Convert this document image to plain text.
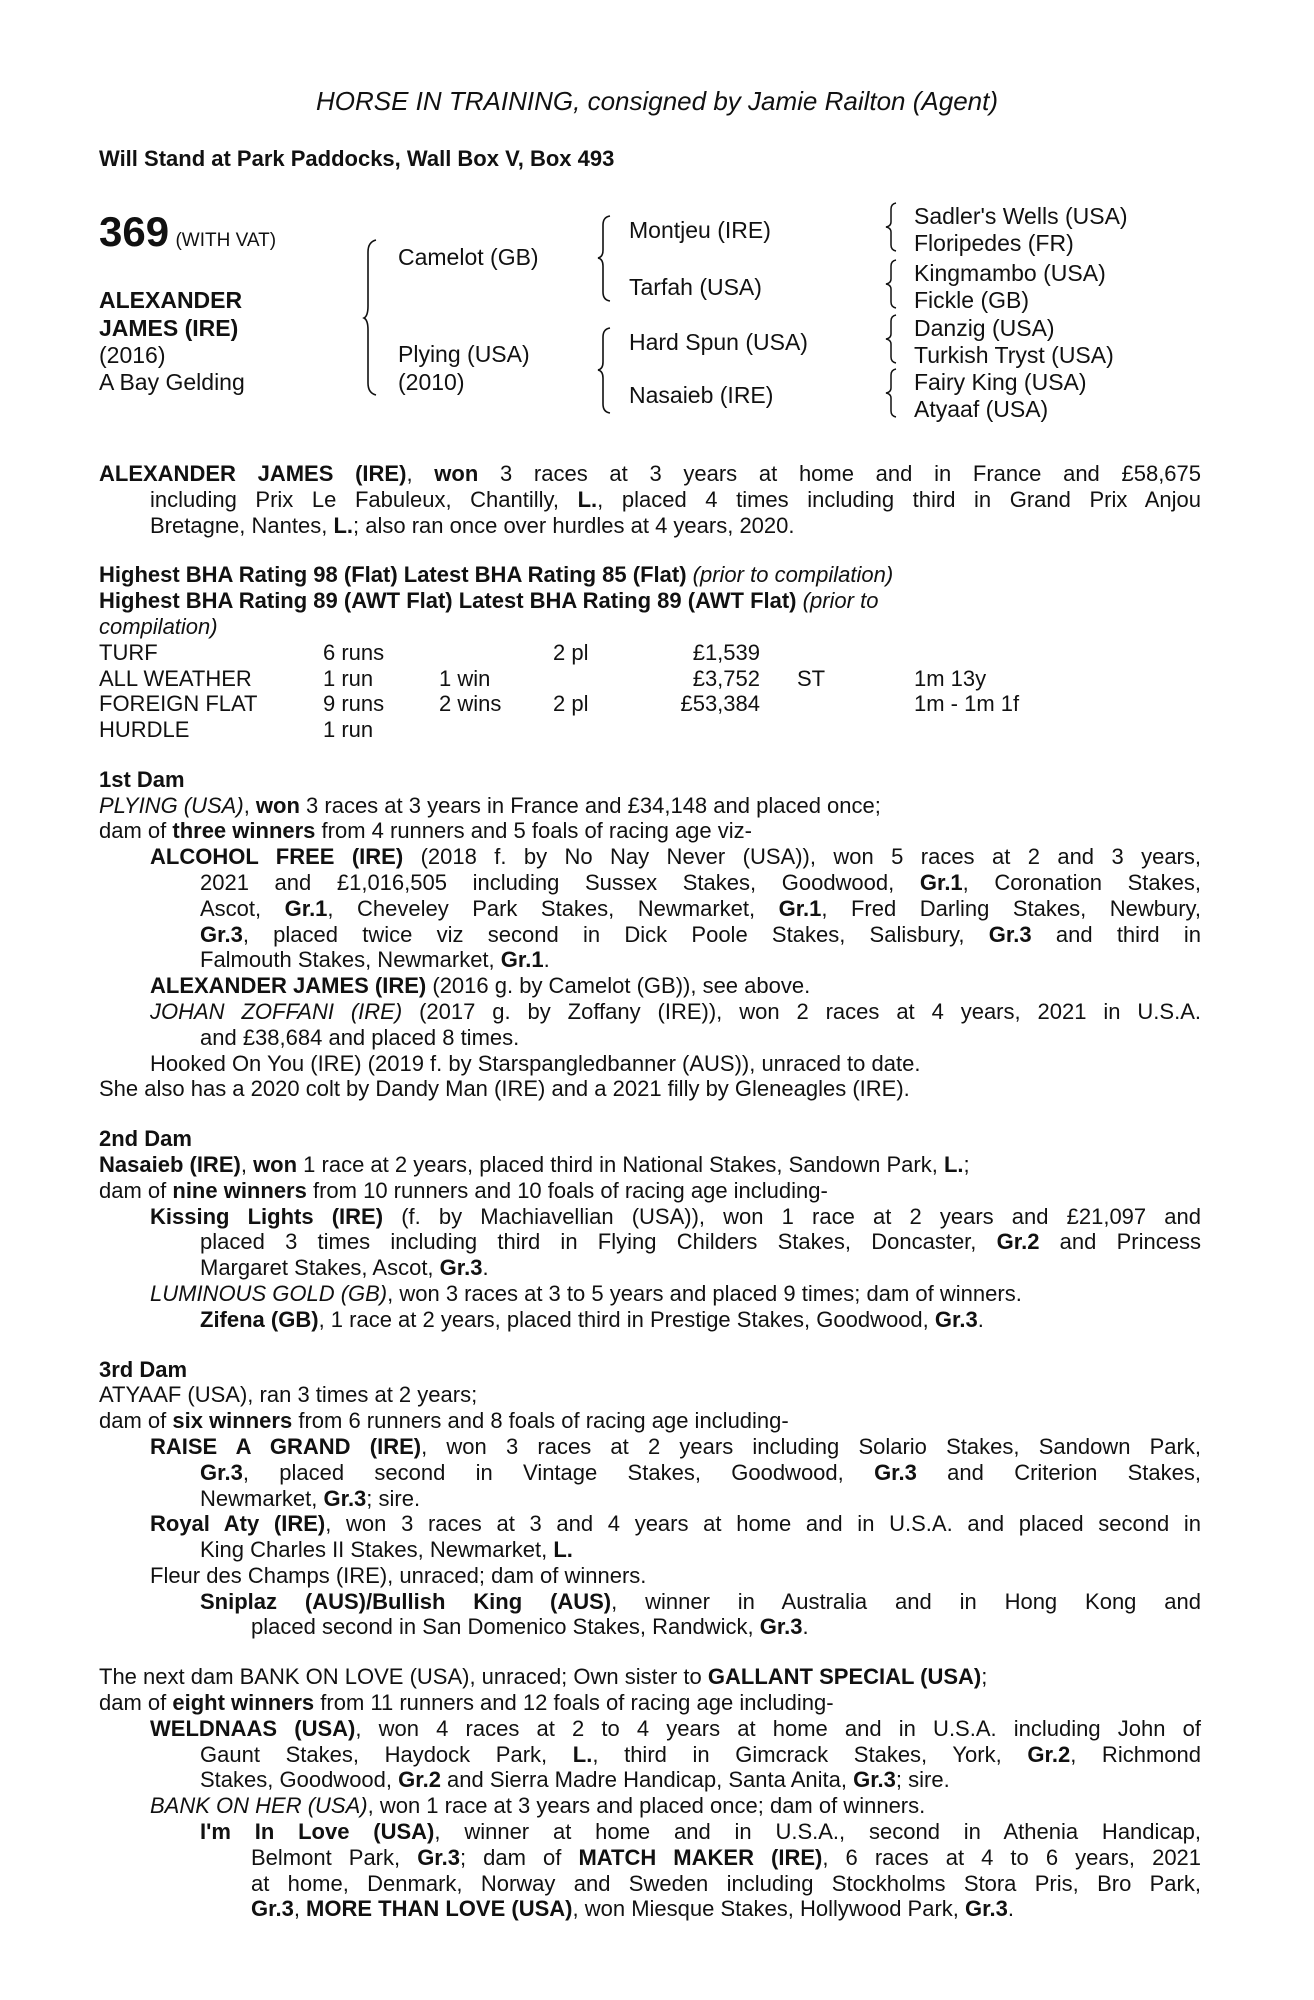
HORSE IN TRAINING, consigned by Jamie Railton (Agent)
Will Stand at Park Paddocks, Wall Box V, Box 493
369 (WITH VAT)
ALEXANDER
JAMES (IRE)
(2016)
A Bay Gelding
Camelot (GB)
Plying (USA)
(2010)
Montjeu (IRE)
Tarfah (USA)
Hard Spun (USA)
Nasaieb (IRE)
Sadler's Wells (USA)
Floripedes (FR)
Kingmambo (USA)
Fickle (GB)
Danzig (USA)
Turkish Tryst (USA)
Fairy King (USA)
Atyaaf (USA)
ALEXANDER JAMES (IRE), won 3 races at 3 years at home and in France and £58,675
including Prix Le Fabuleux, Chantilly, L., placed 4 times including third in Grand Prix Anjou
Bretagne, Nantes, L.; also ran once over hurdles at 4 years, 2020.
Highest BHA Rating 98 (Flat) Latest BHA Rating 85 (Flat) (prior to compilation)
Highest BHA Rating 89 (AWT Flat) Latest BHA Rating 89 (AWT Flat) (prior to
compilation)
TURF	6 runs	2 pl	£1,539
ALL WEATHER	1 run	1 win	£3,752 ST	1m 13y
FOREIGN FLAT	9 runs 2 wins 2 pl	£53,384	1m - 1m 1f
HURDLE	1 run
1st Dam
PLYING (USA), won 3 races at 3 years in France and £34,148 and placed once;
dam of three winners from 4 runners and 5 foals of racing age viz-
ALCOHOL FREE (IRE) (2018 f. by No Nay Never (USA)), won 5 races at 2 and 3 years,
2021 and £1,016,505 including Sussex Stakes, Goodwood, Gr.1, Coronation Stakes,
Ascot, Gr.1, Cheveley Park Stakes, Newmarket, Gr.1, Fred Darling Stakes, Newbury,
Gr.3, placed twice viz second in Dick Poole Stakes, Salisbury, Gr.3 and third in
Falmouth Stakes, Newmarket, Gr.1.
ALEXANDER JAMES (IRE) (2016 g. by Camelot (GB)), see above.
JOHAN ZOFFANI (IRE) (2017 g. by Zoffany (IRE)), won 2 races at 4 years, 2021 in U.S.A.
and £38,684 and placed 8 times.
Hooked On You (IRE) (2019 f. by Starspangledbanner (AUS)), unraced to date.
She also has a 2020 colt by Dandy Man (IRE) and a 2021 filly by Gleneagles (IRE).
2nd Dam
Nasaieb (IRE), won 1 race at 2 years, placed third in National Stakes, Sandown Park, L.;
dam of nine winners from 10 runners and 10 foals of racing age including-
Kissing Lights (IRE) (f. by Machiavellian (USA)), won 1 race at 2 years and £21,097 and
placed 3 times including third in Flying Childers Stakes, Doncaster, Gr.2 and Princess
Margaret Stakes, Ascot, Gr.3.
LUMINOUS GOLD (GB), won 3 races at 3 to 5 years and placed 9 times; dam of winners.
Zifena (GB), 1 race at 2 years, placed third in Prestige Stakes, Goodwood, Gr.3.
3rd Dam
ATYAAF (USA), ran 3 times at 2 years;
dam of six winners from 6 runners and 8 foals of racing age including-
RAISE A GRAND (IRE), won 3 races at 2 years including Solario Stakes, Sandown Park,
Gr.3, placed second in Vintage Stakes, Goodwood, Gr.3 and Criterion Stakes,
Newmarket, Gr.3; sire.
Royal Aty (IRE), won 3 races at 3 and 4 years at home and in U.S.A. and placed second in
King Charles II Stakes, Newmarket, L.
Fleur des Champs (IRE), unraced; dam of winners.
Sniplaz (AUS)/Bullish King (AUS), winner in Australia and in Hong Kong and
placed second in San Domenico Stakes, Randwick, Gr.3.
The next dam BANK ON LOVE (USA), unraced; Own sister to GALLANT SPECIAL (USA);
dam of eight winners from 11 runners and 12 foals of racing age including-
WELDNAAS (USA), won 4 races at 2 to 4 years at home and in U.S.A. including John of
Gaunt Stakes, Haydock Park, L., third in Gimcrack Stakes, York, Gr.2, Richmond
Stakes, Goodwood, Gr.2 and Sierra Madre Handicap, Santa Anita, Gr.3; sire.
BANK ON HER (USA), won 1 race at 3 years and placed once; dam of winners.
I'm In Love (USA), winner at home and in U.S.A., second in Athenia Handicap,
Belmont Park, Gr.3; dam of MATCH MAKER (IRE), 6 races at 4 to 6 years, 2021
at home, Denmark, Norway and Sweden including Stockholms Stora Pris, Bro Park,
Gr.3, MORE THAN LOVE (USA), won Miesque Stakes, Hollywood Park, Gr.3.
